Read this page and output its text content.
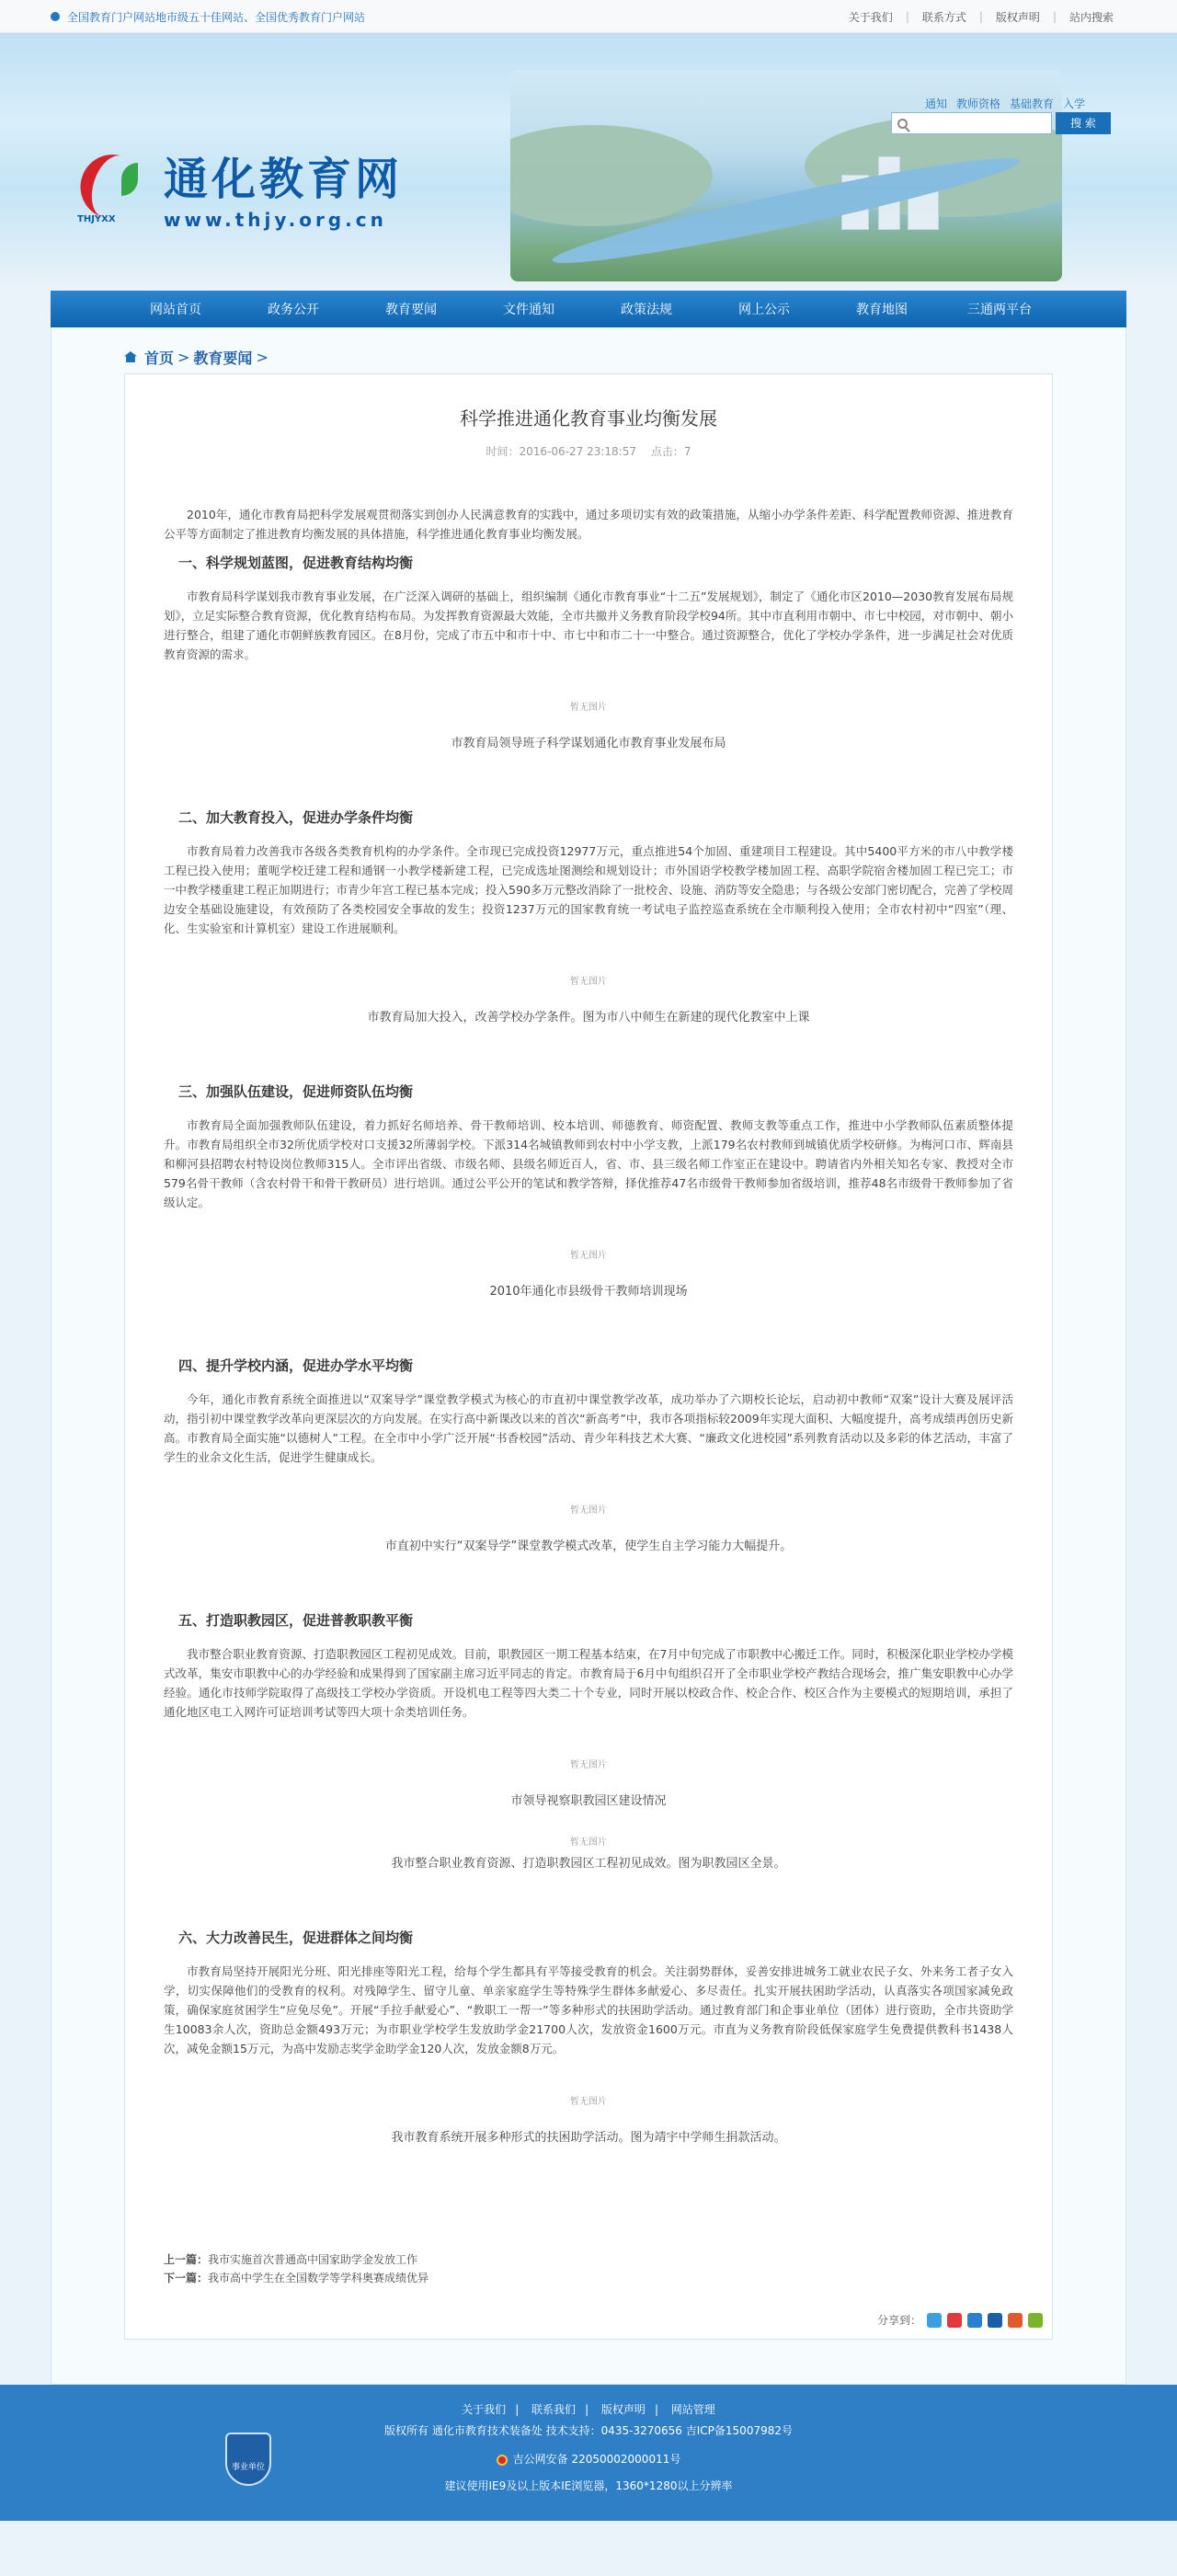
全国教育门户网站地市级五十佳网站、全国优秀教育门户网站	关于我们	|	联系方式	|	版权声明	|	站内搜索
THJYXX
通化教育网
www.thjy.org.cn
通知 教师资格 基础教育 入学
搜 索
网站首页	政务公开	教育要闻	文件通知	政策法规	网上公示	教育地图	三通两平台
首页 > 教育要闻 >
科学推进通化教育事业均衡发展
时间：2016-06-27 23:18:57 点击：7

2010年，通化市教育局把科学发展观贯彻落实到创办人民满意教育的实践中，通过多项切实有效的政策措施，从缩小办学条件差距、科学配置教师资源、推进教育公平等方面制定了推进教育均衡发展的具体措施，科学推进通化教育事业均衡发展。

一、科学规划蓝图，促进教育结构均衡

市教育局科学谋划我市教育事业发展，在广泛深入调研的基础上，组织编制《通化市教育事业“十二五”发展规划》，制定了《通化市区2010—2030教育发展布局规划》，立足实际整合教育资源，优化教育结构布局。为发挥教育资源最大效能，全市共撤并义务教育阶段学校94所。其中市直利用市朝中、市七中校园，对市朝中、朝小进行整合，组建了通化市朝鲜族教育园区。在8月份，完成了市五中和市十中、市七中和市二十一中整合。通过资源整合，优化了学校办学条件，进一步满足社会对优质教育资源的需求。

暂无图片
市教育局领导班子科学谋划通化市教育事业发展布局
二、加大教育投入，促进办学条件均衡

市教育局着力改善我市各级各类教育机构的办学条件。全市现已完成投资12977万元，重点推进54个加固、重建项目工程建设。其中5400平方米的市八中教学楼工程已投入使用；董呃学校迁建工程和通钢一小教学楼新建工程，已完成选址图测绘和规划设计；市外国语学校教学楼加固工程、高职学院宿舍楼加固工程已完工；市一中教学楼重建工程正加期进行；市青少年宫工程已基本完成；投入590多万元整改消除了一批校舍、设施、消防等安全隐患；与各级公安部门密切配合，完善了学校周边安全基础设施建设，有效预防了各类校园安全事故的发生；投资1237万元的国家教育统一考试电子监控巡查系统在全市顺利投入使用；全市农村初中“四室”（理、化、生实验室和计算机室）建设工作进展顺利。

暂无图片
市教育局加大投入，改善学校办学条件。图为市八中师生在新建的现代化教室中上课
三、加强队伍建设，促进师资队伍均衡

市教育局全面加强教师队伍建设，着力抓好名师培养、骨干教师培训、校本培训、师德教育、师资配置、教师支教等重点工作，推进中小学教师队伍素质整体提升。市教育局组织全市32所优质学校对口支援32所薄弱学校。下派314名城镇教师到农村中小学支教，上派179名农村教师到城镇优质学校研修。为梅河口市、辉南县和柳河县招聘农村特设岗位教师315人。全市评出省级、市级名师、县级名师近百人，省、市、县三级名师工作室正在建设中。聘请省内外相关知名专家、教授对全市579名骨干教师（含农村骨干和骨干教研员）进行培训。通过公平公开的笔试和教学答辩，择优推荐47名市级骨干教师参加省级培训，推荐48名市级骨干教师参加了省级认定。

暂无图片
2010年通化市县级骨干教师培训现场
四、提升学校内涵，促进办学水平均衡

今年，通化市教育系统全面推进以“双案导学”课堂教学模式为核心的市直初中课堂教学改革，成功举办了六期校长论坛，启动初中教师“双案”设计大赛及展评活动，指引初中课堂教学改革向更深层次的方向发展。在实行高中新课改以来的首次“新高考”中，我市各项指标较2009年实现大面积、大幅度提升，高考成绩再创历史新高。市教育局全面实施“以德树人”工程。在全市中小学广泛开展“书香校园”活动、青少年科技艺术大赛、“廉政文化进校园”系列教育活动以及多彩的体艺活动，丰富了学生的业余文化生活，促进学生健康成长。

暂无图片
市直初中实行“双案导学”课堂教学模式改革，使学生自主学习能力大幅提升。
五、打造职教园区，促进普教职教平衡

我市整合职业教育资源、打造职教园区工程初见成效。目前，职教园区一期工程基本结束，在7月中旬完成了市职教中心搬迁工作。同时，积极深化职业学校办学模式改革，集安市职教中心的办学经验和成果得到了国家副主席习近平同志的肯定。市教育局于6月中旬组织召开了全市职业学校产教结合现场会，推广集安职教中心办学经验。通化市技师学院取得了高级技工学校办学资质。开设机电工程等四大类二十个专业，同时开展以校政合作、校企合作、校区合作为主要模式的短期培训，承担了通化地区电工入网许可证培训考试等四大项十余类培训任务。

暂无图片
市领导视察职教园区建设情况
暂无图片
我市整合职业教育资源、打造职教园区工程初见成效。图为职教园区全景。
六、大力改善民生，促进群体之间均衡

市教育局坚持开展阳光分班、阳光排座等阳光工程，给每个学生都具有平等接受教育的机会。关注弱势群体，妥善安排进城务工就业农民子女、外来务工者子女入学，切实保障他们的受教育的权利。对残障学生、留守儿童、单亲家庭学生等特殊学生群体多献爱心、多尽责任。扎实开展扶困助学活动，认真落实各项国家减免政策，确保家庭贫困学生“应免尽免”。开展“手拉手献爱心”、“教职工一帮一”等多种形式的扶困助学活动。通过教育部门和企事业单位（团体）进行资助，全市共资助学生10083余人次，资助总金额493万元；为市职业学校学生发放助学金21700人次，发放资金1600万元。市直为义务教育阶段低保家庭学生免费提供教科书1438人次，减免金额15万元，为高中发励志奖学金助学金120人次，发放金额8万元。

暂无图片
我市教育系统开展多种形式的扶困助学活动。图为靖宇中学师生捐款活动。
上一篇：我市实施首次普通高中国家助学金发放工作
下一篇：我市高中学生在全国数学等学科奥赛成绩优异
分享到：
事业单位
关于我们 | 联系我们 | 版权声明 | 网站管理
版权所有 通化市教育技术装备处 技术支持：0435-3270656 吉ICP备15007982号
吉公网安备 22050002000011号
建议使用IE9及以上版本IE浏览器，1360*1280以上分辨率
